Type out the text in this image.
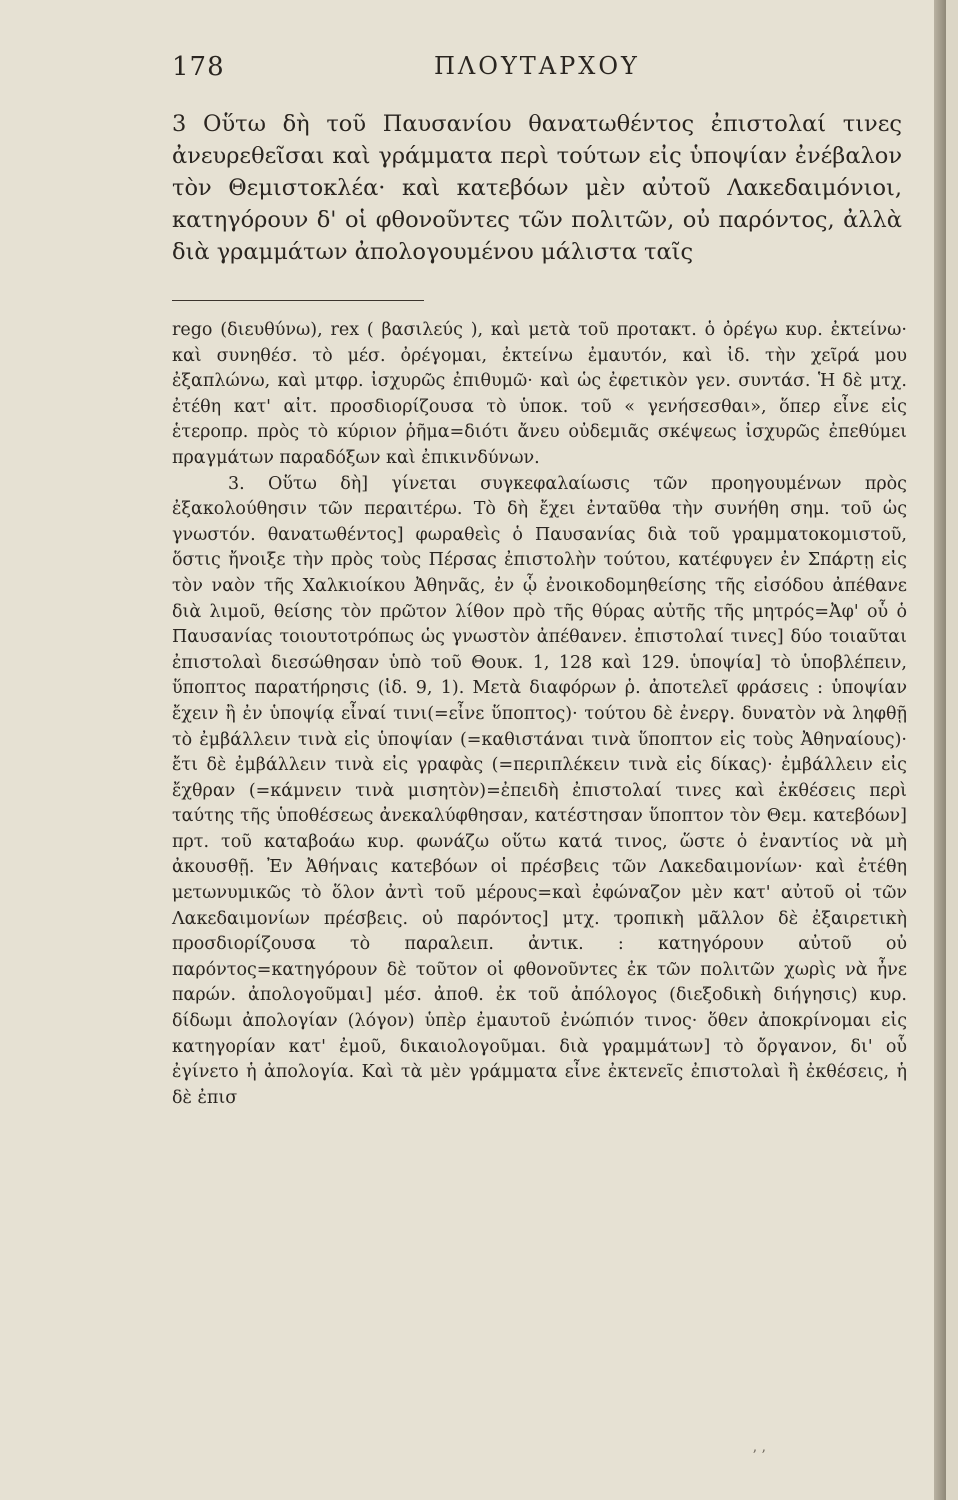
178	ΠΛΟΥΤΑΡΧΟΥ

3 Οὕτω δὴ τοῦ Παυσανίου θανατωθέντος ἐπιστολαί τινες ἀνευρεθεῖσαι καὶ γράμματα περὶ τούτων εἰς ὑποψίαν ἐνέβαλον τὸν Θεμιστοκλέα· καὶ κατεβόων μὲν αὐτοῦ Λακεδαιμόνιοι, κατηγόρουν δ' οἱ φθονοῦντες τῶν πολιτῶν, οὐ παρόντος, ἀλλὰ διὰ γραμμάτων ἀπολογουμένου μάλιστα ταῖς

rego (διευθύνω), rex ( βασιλεύς ), καὶ μετὰ τοῦ προτακτ. ὁ ὀρέγω κυρ. ἐκτείνω· καὶ συνηθέσ. τὸ μέσ. ὀρέγομαι, ἐκτείνω ἐμαυτόν, καὶ ἰδ. τὴν χεῖρά μου ἐξαπλώνω, καὶ μτφρ. ἰσχυρῶς ἐπιθυμῶ· καὶ ὡς ἐφετικὸν γεν. συντάσ. Ἡ δὲ μτχ. ἐτέθη κατ' αἰτ. προσδιορίζουσα τὸ ὑποκ. τοῦ « γενήσεσθαι», ὅπερ εἶνε εἰς ἑτεροπρ. πρὸς τὸ κύριον ῥῆμα=διότι ἄνευ οὐδεμιᾶς σκέψεως ἰσχυρῶς ἐπεθύμει πραγμάτων παραδόξων καὶ ἐπικινδύνων.
3. Οὕτω δὴ] γίνεται συγκεφαλαίωσις τῶν προηγουμένων πρὸς ἐξακολούθησιν τῶν περαιτέρω. Τὸ δὴ ἔχει ἐνταῦθα τὴν συνήθη σημ. τοῦ ὡς γνωστόν. θανατωθέντος] φωραθεὶς ὁ Παυσανίας διὰ τοῦ γραμματοκομιστοῦ, ὅστις ἤνοιξε τὴν πρὸς τοὺς Πέρσας ἐπιστολὴν τούτου, κατέφυγεν ἐν Σπάρτῃ εἰς τὸν ναὸν τῆς Χαλκιοίκου Ἀθηνᾶς, ἐν ᾧ ἐνοικοδομηθείσης τῆς εἰσόδου ἀπέθανε διὰ λιμοῦ, θείσης τὸν πρῶτον λίθον πρὸ τῆς θύρας αὐτῆς τῆς μητρός=Ἀφ' οὗ ὁ Παυσανίας τοιουτοτρόπως ὡς γνωστὸν ἀπέθανεν. ἐπιστολαί τινες] δύο τοιαῦται ἐπιστολαὶ διεσώθησαν ὑπὸ τοῦ Θουκ. 1, 128 καὶ 129. ὑποψία] τὸ ὑποβλέπειν, ὕποπτος παρατήρησις (ἰδ. 9, 1). Μετὰ διαφόρων ῥ. ἀποτελεῖ φράσεις : ὑποψίαν ἔχειν ἢ ἐν ὑποψίᾳ εἶναί τινι(=εἶνε ὕποπτος)· τούτου δὲ ἐνεργ. δυνατὸν νὰ ληφθῇ τὸ ἐμβάλλειν τινὰ εἰς ὑποψίαν (=καθιστάναι τινὰ ὕποπτον εἰς τοὺς Ἀθηναίους)· ἔτι δὲ ἐμβάλλειν τινὰ εἰς γραφὰς (=περιπλέκειν τινὰ εἰς δίκας)· ἐμβάλλειν εἰς ἔχθραν (=κάμνειν τινὰ μισητὸν)=ἐπειδὴ ἐπιστολαί τινες καὶ ἐκθέσεις περὶ ταύτης τῆς ὑποθέσεως ἀνεκαλύφθησαν, κατέστησαν ὕποπτον τὸν Θεμ. κατεβόων] πρτ. τοῦ καταβοάω κυρ. φωνάζω οὕτω κατά τινος, ὥστε ὁ ἐναντίος νὰ μὴ ἀκουσθῇ. Ἐν Ἀθήναις κατεβόων οἱ πρέσβεις τῶν Λακεδαιμονίων· καὶ ἐτέθη μετωνυμικῶς τὸ ὅλον ἀντὶ τοῦ μέρους=καὶ ἐφώναζον μὲν κατ' αὐτοῦ οἱ τῶν Λακεδαιμονίων πρέσβεις. οὐ παρόντος] μτχ. τροπικὴ μᾶλλον δὲ ἐξαιρετικὴ προσδιορίζουσα τὸ παραλειπ. ἀντικ. : κατηγόρουν αὐτοῦ οὐ παρόντος=κατηγόρουν δὲ τοῦτον οἱ φθονοῦντες ἐκ τῶν πολιτῶν χωρὶς νὰ ἦνε παρών. ἀπολογοῦμαι] μέσ. ἀποθ. ἐκ τοῦ ἀπόλογος (διεξοδικὴ διήγησις) κυρ. δίδωμι ἀπολογίαν (λόγον) ὑπὲρ ἐμαυτοῦ ἐνώπιόν τινος· ὅθεν ἀποκρίνομαι εἰς κατηγορίαν κατ' ἐμοῦ, δικαιολογοῦμαι. διὰ γραμμάτων] τὸ ὄργανον, δι' οὗ ἐγίνετο ἡ ἀπολογία. Καὶ τὰ μὲν γράμματα εἶνε ἐκτενεῖς ἐπιστολαὶ ἢ ἐκθέσεις, ἡ δὲ ἐπισ

ʼ ʼ
